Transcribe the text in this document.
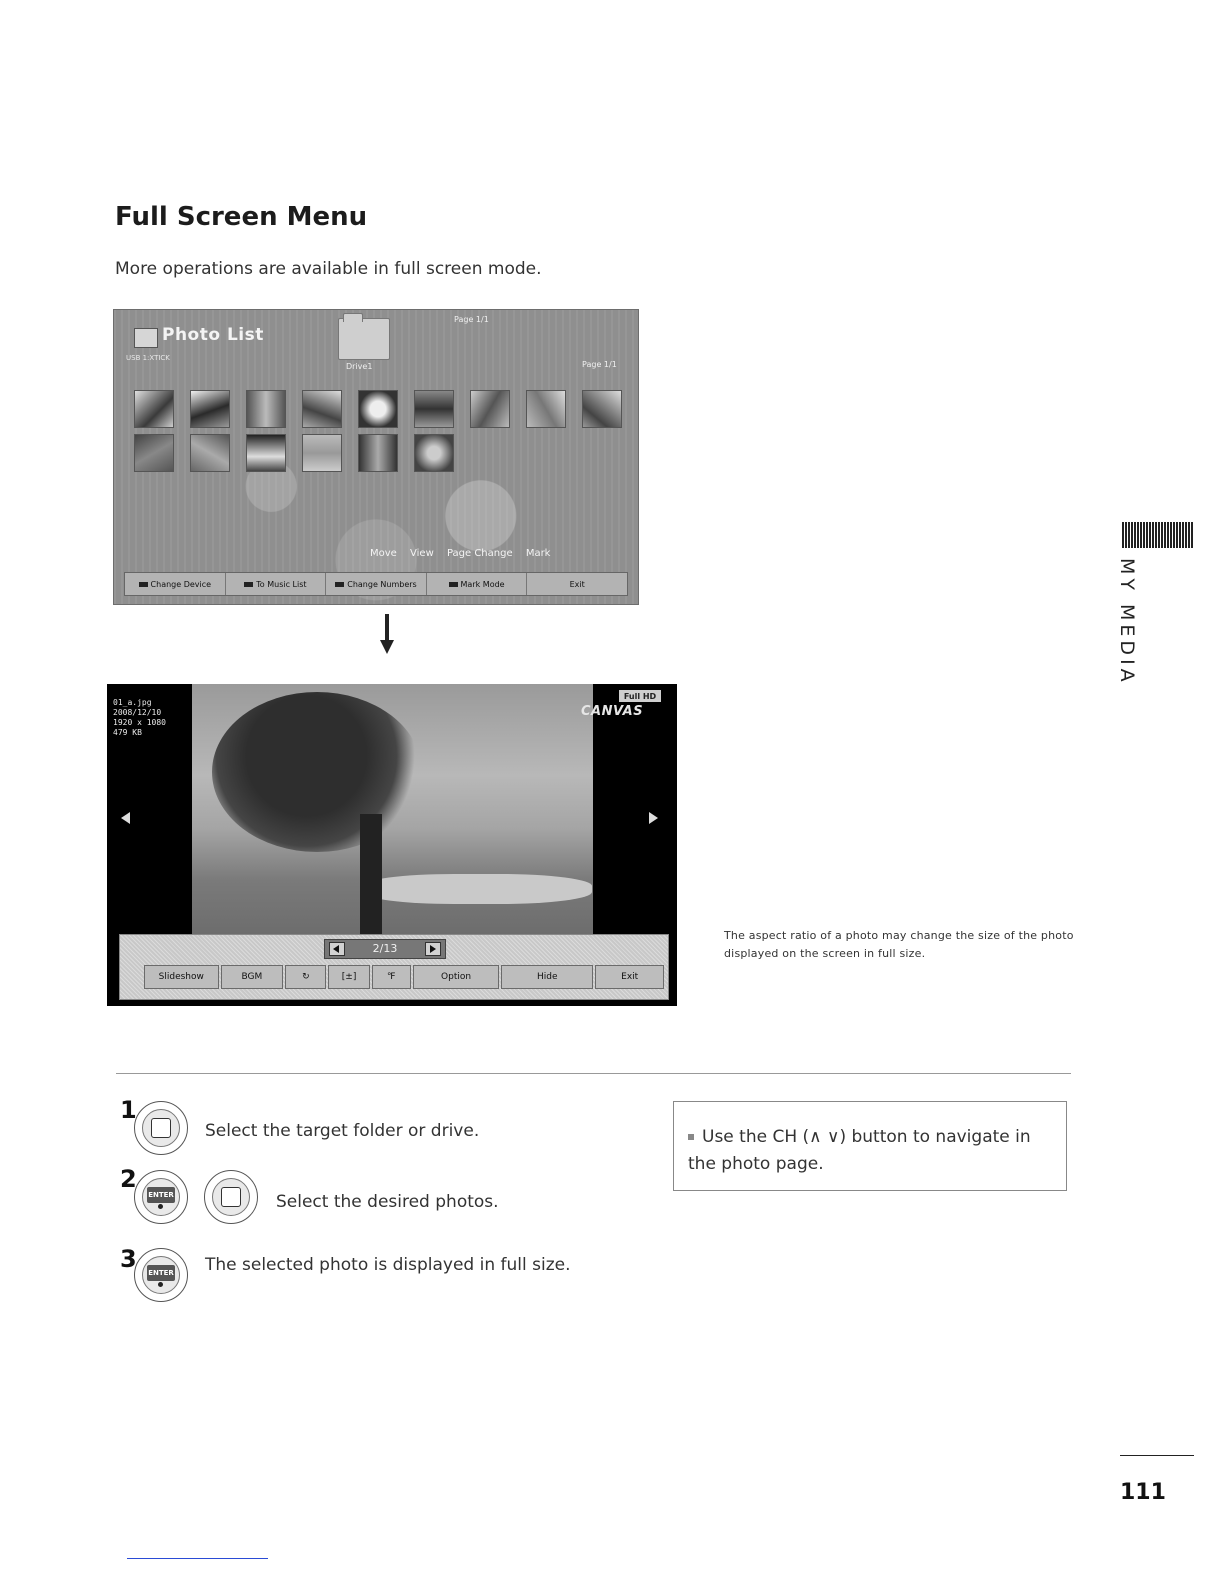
Full Screen Menu
More operations are available in full screen mode.
Photo List
USB 1:XTICK
Drive1
Page 1/1
Page 1/1
Move View Page Change Mark
Change Device	To Music List	Change Numbers	Mark Mode	Exit
01_a.jpg
2008/12/10
1920 x 1080
479 KB
Full HD
CANVAS
2/13
Slideshow	BGM	↻	[±]	℉	Option	Hide	Exit
The aspect ratio of a photo may change the size of the photo displayed on the screen in full size.
1
Select the target folder or drive.
2
ENTER	Select the desired photos.
3 ENTER The selected photo is displayed in full size.
Use the CH (∧ ∨) button to navigate in the photo page.
MY MEDIA
111
